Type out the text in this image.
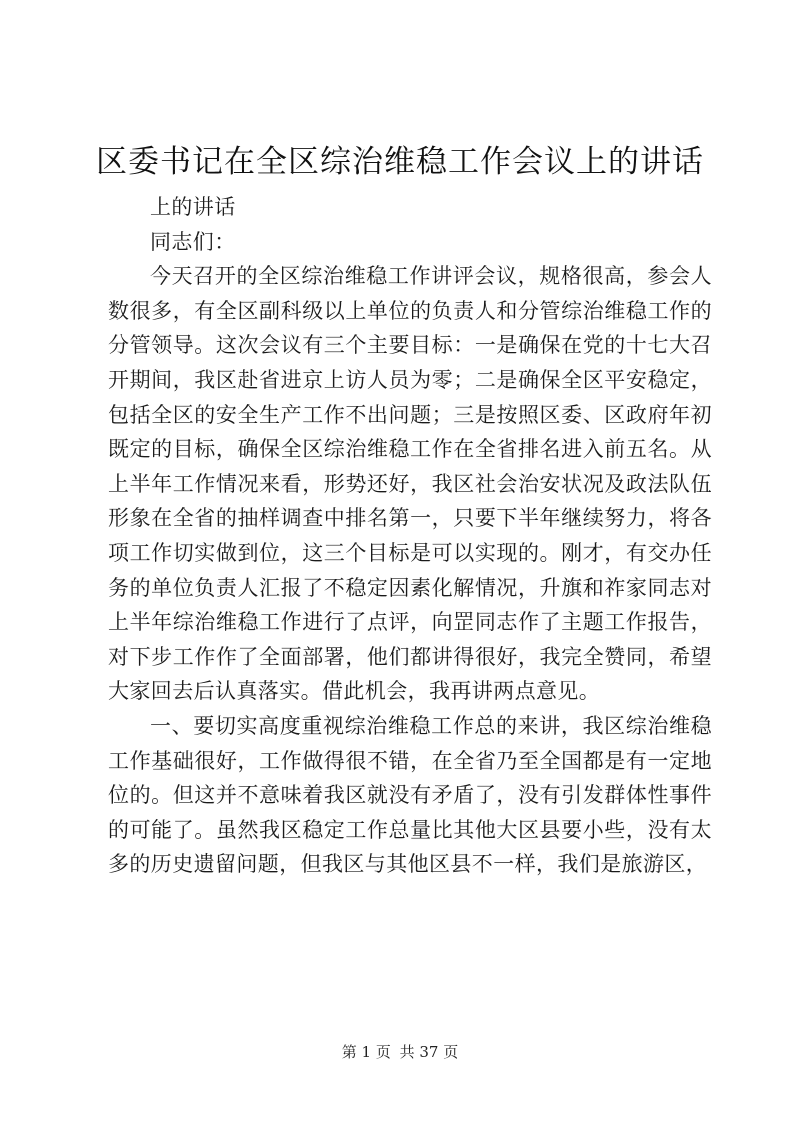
区委书记在全区综治维稳工作会议上的讲话

上的讲话

同志们：

今天召开的全区综治维稳工作讲评会议，规格很高，参会人数很多，有全区副科级以上单位的负责人和分管综治维稳工作的分管领导。这次会议有三个主要目标：一是确保在党的十七大召开期间，我区赴省进京上访人员为零；二是确保全区平安稳定，包括全区的安全生产工作不出问题；三是按照区委、区政府年初既定的目标，确保全区综治维稳工作在全省排名进入前五名。从上半年工作情况来看，形势还好，我区社会治安状况及政法队伍形象在全省的抽样调查中排名第一，只要下半年继续努力，将各项工作切实做到位，这三个目标是可以实现的。刚才，有交办任务的单位负责人汇报了不稳定因素化解情况，升旗和祚家同志对上半年综治维稳工作进行了点评，向罡同志作了主题工作报告，对下步工作作了全面部署，他们都讲得很好，我完全赞同，希望大家回去后认真落实。借此机会，我再讲两点意见。

一、要切实高度重视综治维稳工作总的来讲，我区综治维稳工作基础很好，工作做得很不错，在全省乃至全国都是有一定地位的。但这并不意味着我区就没有矛盾了，没有引发群体性事件的可能了。虽然我区稳定工作总量比其他大区县要小些，没有太多的历史遗留问题，但我区与其他区县不一样，我们是旅游区，

第 1 页 共 37 页
